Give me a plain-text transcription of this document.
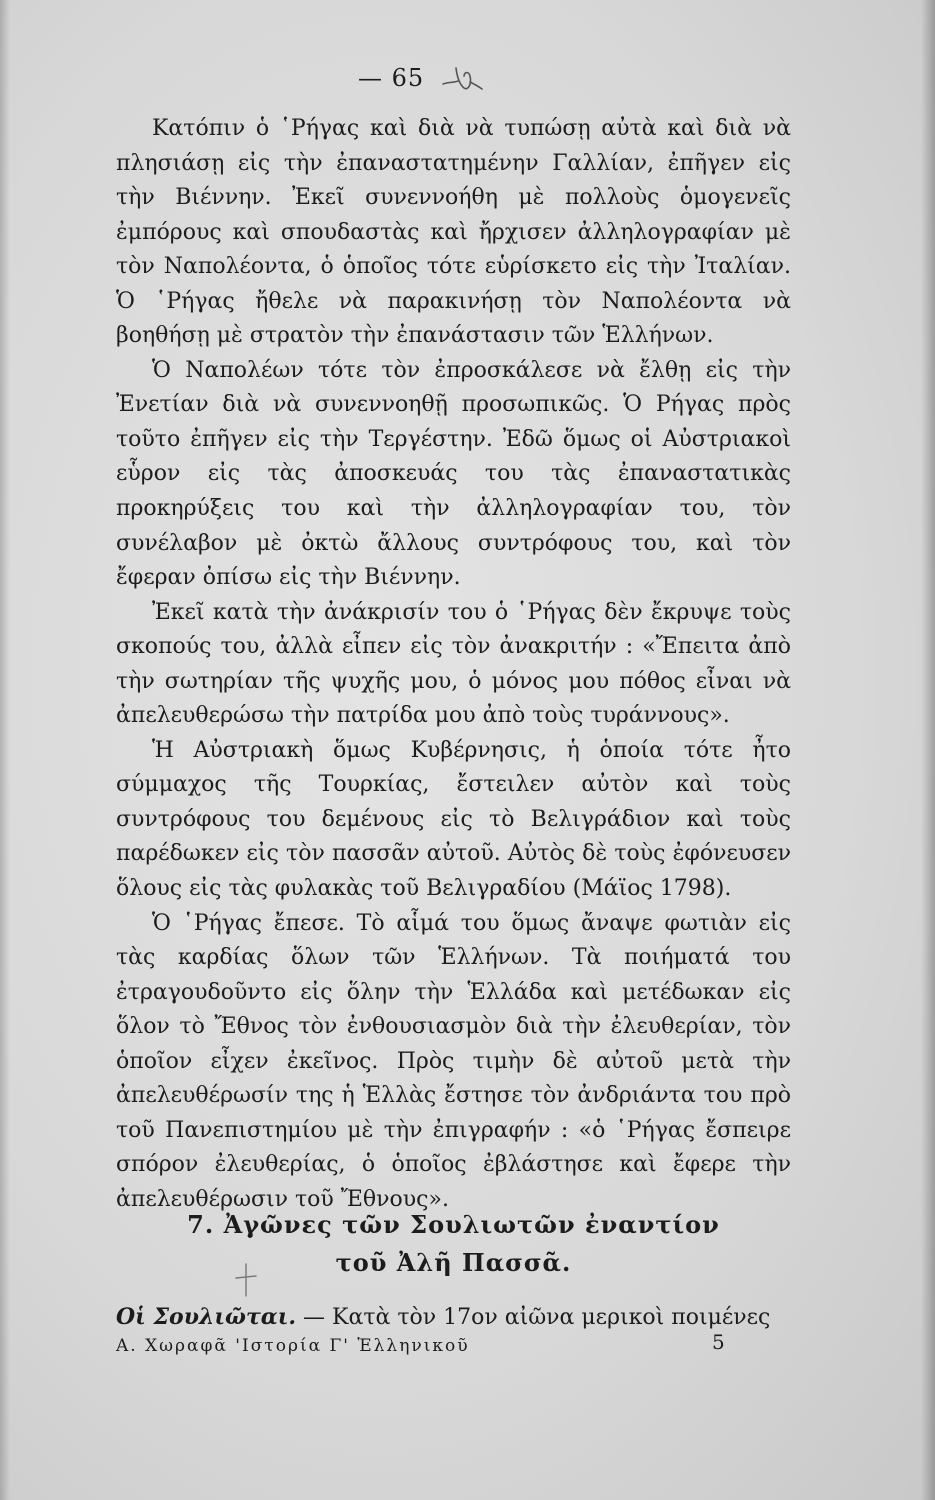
— 65

Κατόπιν ὁ ῾Ρήγας καὶ διὰ νὰ τυπώσῃ αὐτὰ καὶ διὰ νὰ πλησιάσῃ εἰς τὴν ἐπαναστατημένην Γαλλίαν, ἐπῆγεν εἰς τὴν Βιέννην. Ἐκεῖ συνεννοήθη μὲ πολλοὺς ὁμογενεῖς ἐμπόρους καὶ σπουδαστὰς καὶ ἤρχισεν ἀλληλογραφίαν μὲ τὸν Ναπολέοντα, ὁ ὁποῖος τότε εὑρίσκετο εἰς τὴν Ἰταλίαν. Ὁ ῾Ρήγας ἤθελε νὰ παρακινήσῃ τὸν Ναπολέοντα νὰ βοηθήσῃ μὲ στρατὸν τὴν ἐπανάστασιν τῶν Ἑλλήνων.

Ὁ Ναπολέων τότε τὸν ἐπροσκάλεσε νὰ ἔλθῃ εἰς τὴν Ἐνετίαν διὰ νὰ συνεννοηθῇ προσωπικῶς. Ὁ Ρήγας πρὸς τοῦτο ἐπῆγεν εἰς τὴν Τεργέστην. Ἐδῶ ὅμως οἱ Αὐστριακοὶ εὗρον εἰς τὰς ἀποσκευάς του τὰς ἐπαναστατικὰς προκηρύξεις του καὶ τὴν ἀλληλογραφίαν του, τὸν συνέλαβον μὲ ὀκτὼ ἄλλους συντρόφους του, καὶ τὸν ἔφεραν ὀπίσω εἰς τὴν Βιέννην.

Ἐκεῖ κατὰ τὴν ἀνάκρισίν του ὁ ῾Ρήγας δὲν ἔκρυψε τοὺς σκοπούς του, ἀλλὰ εἶπεν εἰς τὸν ἀνακριτήν : «Ἔπειτα ἀπὸ τὴν σωτηρίαν τῆς ψυχῆς μου, ὁ μόνος μου πόθος εἶναι νὰ ἀπελευθερώσω τὴν πατρίδα μου ἀπὸ τοὺς τυράννους».

Ἡ Αὐστριακὴ ὅμως Κυβέρνησις, ἡ ὁποία τότε ἦτο σύμμαχος τῆς Τουρκίας, ἔστειλεν αὐτὸν καὶ τοὺς συντρόφους του δεμένους εἰς τὸ Βελιγράδιον καὶ τοὺς παρέδωκεν εἰς τὸν πασσᾶν αὐτοῦ. Αὐτὸς δὲ τοὺς ἐφόνευσεν ὅλους εἰς τὰς φυλακὰς τοῦ Βελιγραδίου (Μάϊος 1798).

Ὁ ῾Ρήγας ἔπεσε. Τὸ αἷμά του ὅμως ἄναψε φωτιὰν εἰς τὰς καρδίας ὅλων τῶν Ἑλλήνων. Τὰ ποιήματά του ἐτραγουδοῦντο εἰς ὅλην τὴν Ἑλλάδα καὶ μετέδωκαν εἰς ὅλον τὸ Ἔθνος τὸν ἐνθουσιασμὸν διὰ τὴν ἐλευθερίαν, τὸν ὁποῖον εἶχεν ἐκεῖνος. Πρὸς τιμὴν δὲ αὐτοῦ μετὰ τὴν ἀπελευθέρωσίν της ἡ Ἑλλὰς ἔστησε τὸν ἀνδριάντα του πρὸ τοῦ Πανεπιστημίου μὲ τὴν ἐπιγραφήν : «ὁ ῾Ρήγας ἔσπειρε σπόρον ἐλευθερίας, ὁ ὁποῖος ἐβλάστησε καὶ ἔφερε τὴν ἀπελευθέρωσιν τοῦ Ἔθνους».

7. Ἀγῶνες τῶν Σουλιωτῶν ἐναντίον
τοῦ Ἀλῆ Πασσᾶ.
Οἱ Σουλιῶται. — Κατὰ τὸν 17ον αἰῶνα μερικοὶ ποιμένες
Α. Χωραφᾶ 'Ιστορία Γ' Ἑλληνικοῦ	5
